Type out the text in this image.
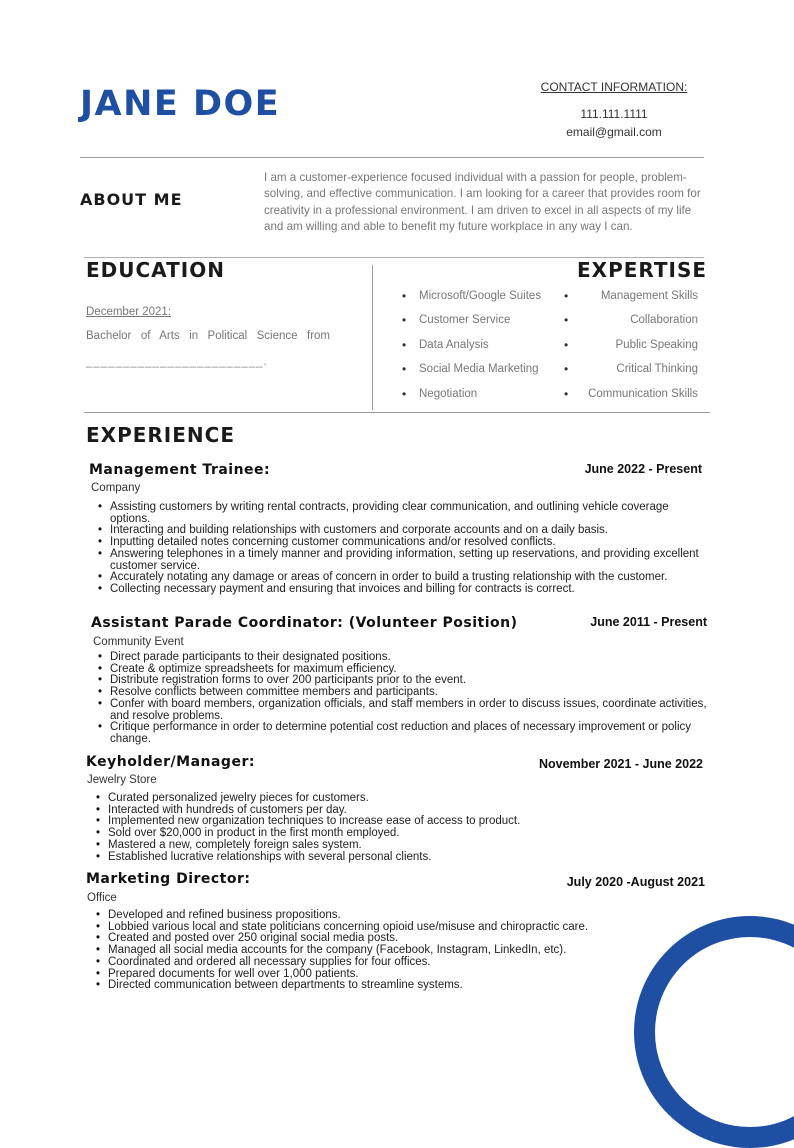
JANE DOE	CONTACT INFORMATION:
111.111.1111
email@gmail.com
ABOUT ME
I am a customer-experience focused individual with a passion for people, problem-solving, and effective communication. I am looking for a career that provides room for creativity in a professional environment. I am driven to excel in all aspects of my life and am willing and able to benefit my future workplace in any way I can.
EDUCATION	EXPERTISE
December 2021:
Bachelor of Arts in Political Science from
________________________.
• Microsoft/Google Suites
• Customer Service
• Data Analysis
• Social Media Marketing
• Negotiation
• Management Skills
• Collaboration
• Public Speaking
• Critical Thinking
• Communication Skills
EXPERIENCE
Management Trainee:	June 2022 - Present
Company
• Assisting customers by writing rental contracts, providing clear communication, and outlining vehicle coverage options.
• Interacting and building relationships with customers and corporate accounts and on a daily basis.
• Inputting detailed notes concerning customer communications and/or resolved conflicts.
• Answering telephones in a timely manner and providing information, setting up reservations, and providing excellent customer service.
• Accurately notating any damage or areas of concern in order to build a trusting relationship with the customer.
• Collecting necessary payment and ensuring that invoices and billing for contracts is correct.
Assistant Parade Coordinator: (Volunteer Position)	June 2011 - Present
Community Event
• Direct parade participants to their designated positions.
• Create & optimize spreadsheets for maximum efficiency.
• Distribute registration forms to over 200 participants prior to the event.
• Resolve conflicts between committee members and participants.
• Confer with board members, organization officials, and staff members in order to discuss issues, coordinate activities, and resolve problems.
• Critique performance in order to determine potential cost reduction and places of necessary improvement or policy change.
Keyholder/Manager:	November 2021 - June 2022
Jewelry Store
• Curated personalized jewelry pieces for customers.
• Interacted with hundreds of customers per day.
• Implemented new organization techniques to increase ease of access to product.
• Sold over $20,000 in product in the first month employed.
• Mastered a new, completely foreign sales system.
• Established lucrative relationships with several personal clients.
Marketing Director:	July 2020 -August 2021
Office
• Developed and refined business propositions.
• Lobbied various local and state politicians concerning opioid use/misuse and chiropractic care.
• Created and posted over 250 original social media posts.
• Managed all social media accounts for the company (Facebook, Instagram, LinkedIn, etc).
• Coordinated and ordered all necessary supplies for four offices.
• Prepared documents for well over 1,000 patients.
• Directed communication between departments to streamline systems.
